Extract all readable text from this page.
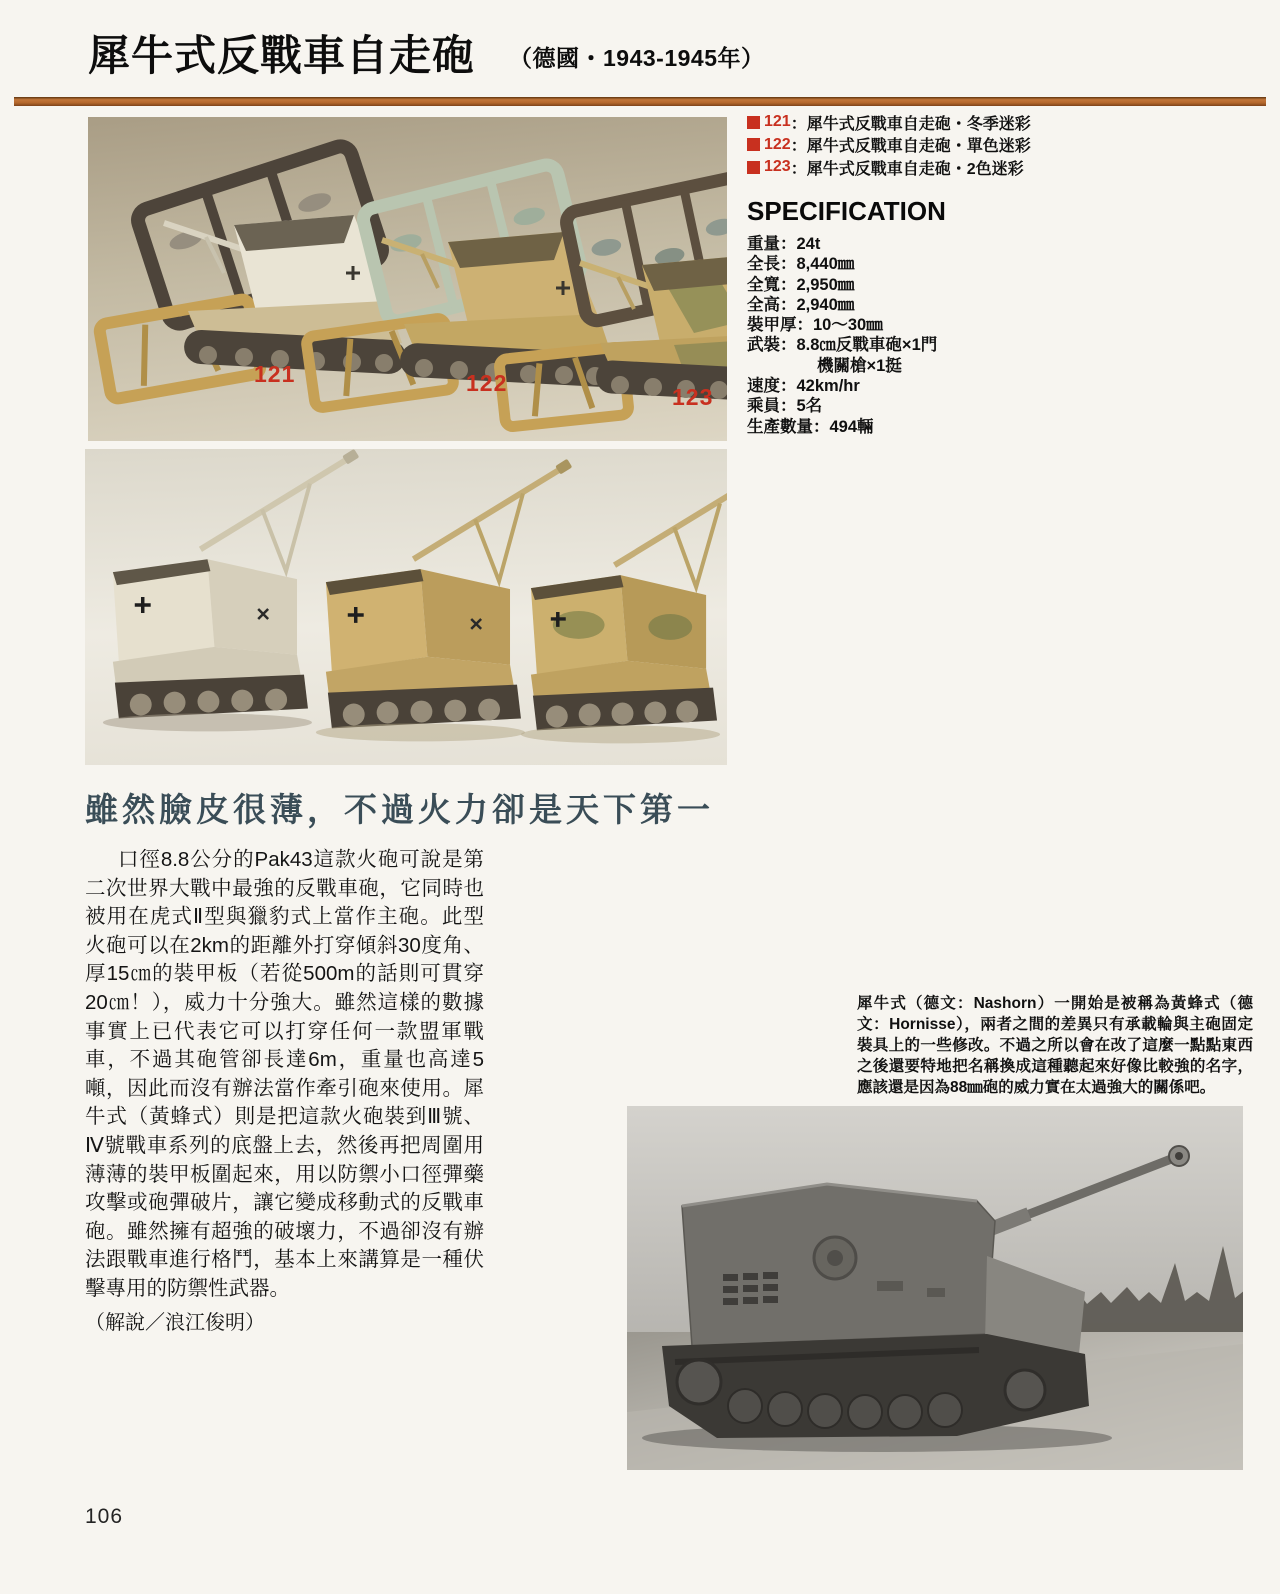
犀牛式反戰車自走砲 （德國・1943-1945年）
121	122
123
121 ：犀牛式反戰車自走砲・冬季迷彩
122 ：犀牛式反戰車自走砲・單色迷彩
123 ：犀牛式反戰車自走砲・2色迷彩
SPECIFICATION
重量：24t
全長：8,440㎜
全寬：2,950㎜
全高：2,940㎜
裝甲厚：10～30㎜
武裝：8.8㎝反戰車砲×1門
機關槍×1挺
速度：42km/hr
乘員：5名
生產數量：494輛
雖然臉皮很薄，不過火力卻是天下第一

口徑8.8公分的Pak43這款火砲可說是第二次世界大戰中最強的反戰車砲，它同時也被用在虎式Ⅱ型與獵豹式上當作主砲。此型火砲可以在2km的距離外打穿傾斜30度角、厚15㎝的裝甲板（若從500m的話則可貫穿20㎝！），威力十分強大。雖然這樣的數據事實上已代表它可以打穿任何一款盟軍戰車，不過其砲管卻長達6m，重量也高達5噸，因此而沒有辦法當作牽引砲來使用。犀牛式（黃蜂式）則是把這款火砲裝到Ⅲ號、Ⅳ號戰車系列的底盤上去，然後再把周圍用薄薄的裝甲板圍起來，用以防禦小口徑彈藥攻擊或砲彈破片，讓它變成移動式的反戰車砲。雖然擁有超強的破壞力，不過卻沒有辦法跟戰車進行格鬥，基本上來講算是一種伏擊專用的防禦性武器。

（解說／浪江俊明）

犀牛式（德文：Nashorn）一開始是被稱為黃蜂式（德文：Hornisse），兩者之間的差異只有承載輪與主砲固定裝具上的一些修改。不過之所以會在改了這麼一點點東西之後還要特地把名稱換成這種聽起來好像比較強的名字，應該還是因為88㎜砲的威力實在太過強大的關係吧。

106
